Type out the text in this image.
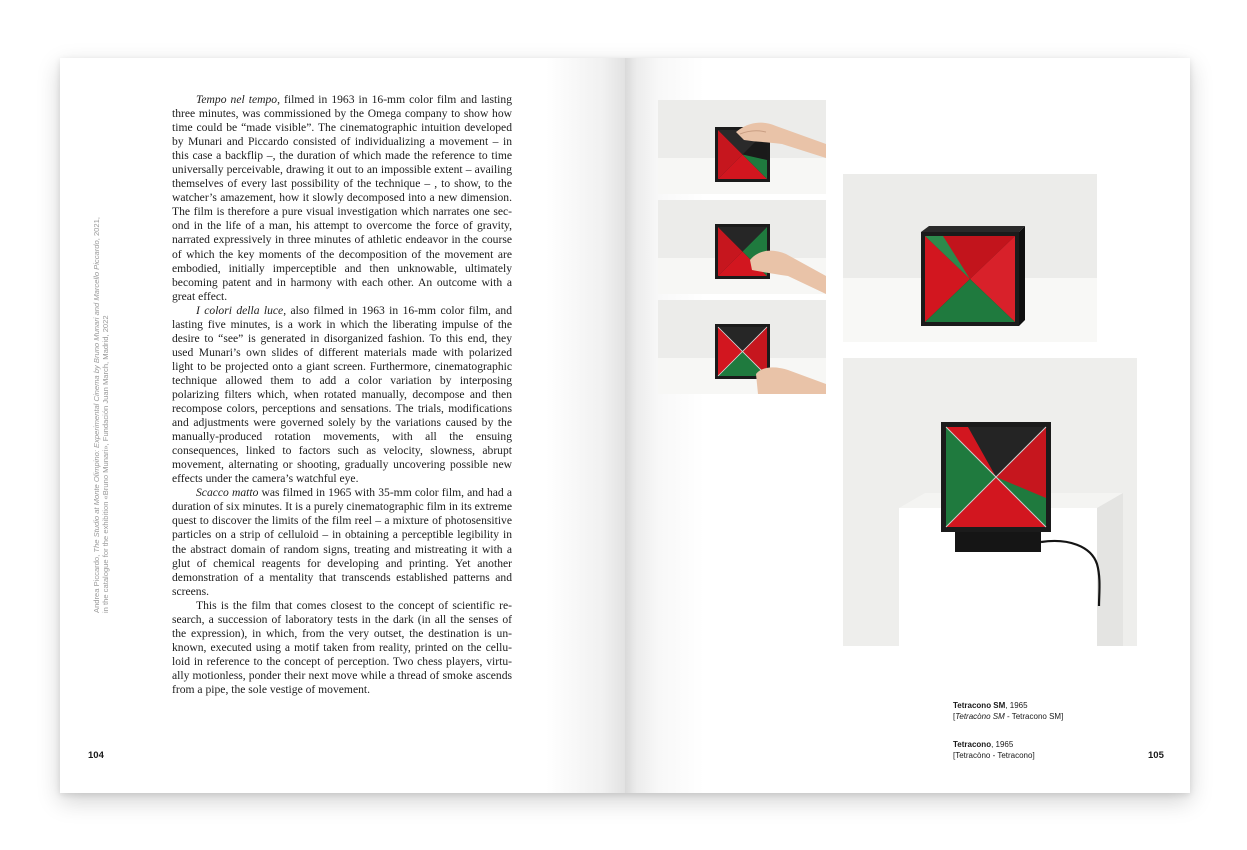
Andrea Piccardo, The Studio at Monte Olimpino: Experimental Cinema by Bruno Munari and Marcello Piccardo, 2021,
in the catalogue for the exhibition «Bruno Munari», Fundación Juan March, Madrid, 2022

Tempo nel tempo, filmed in 1963 in 16-mm color film and lasting three minutes, was commissioned by the Omega company to show how time could be “made visible”. The cinematographic intuition developed by Munari and Piccardo consisted of individualizing a movement – in this case a backflip –, the duration of which made the reference to time universally perceivable, drawing it out to an impossible extent – availing themselves of every last possibility of the technique – , to show, to the watcher’s amazement, how it slowly decomposed into a new dimension. The film is therefore a pure visual investigation which narrates one second in the life of a man, his attempt to overcome the force of gravity, narrated expressively in three minutes of athletic endeavor in the course of which the key moments of the decomposition of the movement are embodied, initially imperceptible and then unknowable, ultimately becoming patent and in harmony with each other. An outcome with a great effect.

I colori della luce, also filmed in 1963 in 16-mm color film, and lasting five minutes, is a work in which the liberating impulse of the desire to “see” is generated in disorganized fashion. To this end, they used Munari’s own slides of different materials made with polarized light to be projected onto a giant screen. Furthermore, cinematographic technique allowed them to add a color variation by interposing polarizing filters which, when rotated manually, decompose and then recompose colors, perceptions and sensations. The trials, modifications and adjustments were governed solely by the variations caused by the manually-produced rotation movements, with all the ensuing consequences, linked to factors such as velocity, slowness, abrupt movement, alternating or shooting, gradually uncovering possible new effects under the camera’s watchful eye.

Scacco matto was filmed in 1965 with 35-mm color film, and had a duration of six minutes. It is a purely cinematographic film in its extreme quest to discover the limits of the film reel – a mixture of photosensitive particles on a strip of celluloid – in obtaining a perceptible legibility in the abstract domain of random signs, treating and mistreating it with a glut of chemical reagents for developing and printing. Yet another demonstration of a mentality that transcends established patterns and screens.

This is the film that comes closest to the concept of scientific research, a succession of laboratory tests in the dark (in all the senses of the expression), in which, from the very outset, the destination is unknown, executed using a motif taken from reality, printed on the celluloid in reference to the concept of perception. Two chess players, virtually motionless, ponder their next move while a thread of smoke ascends from a pipe, the sole vestige of movement.

104
Tetracono SM, 1965
[Tetracòno SM - Tetracono SM]
Tetracono, 1965
[Tetracòno - Tetracono]	105
